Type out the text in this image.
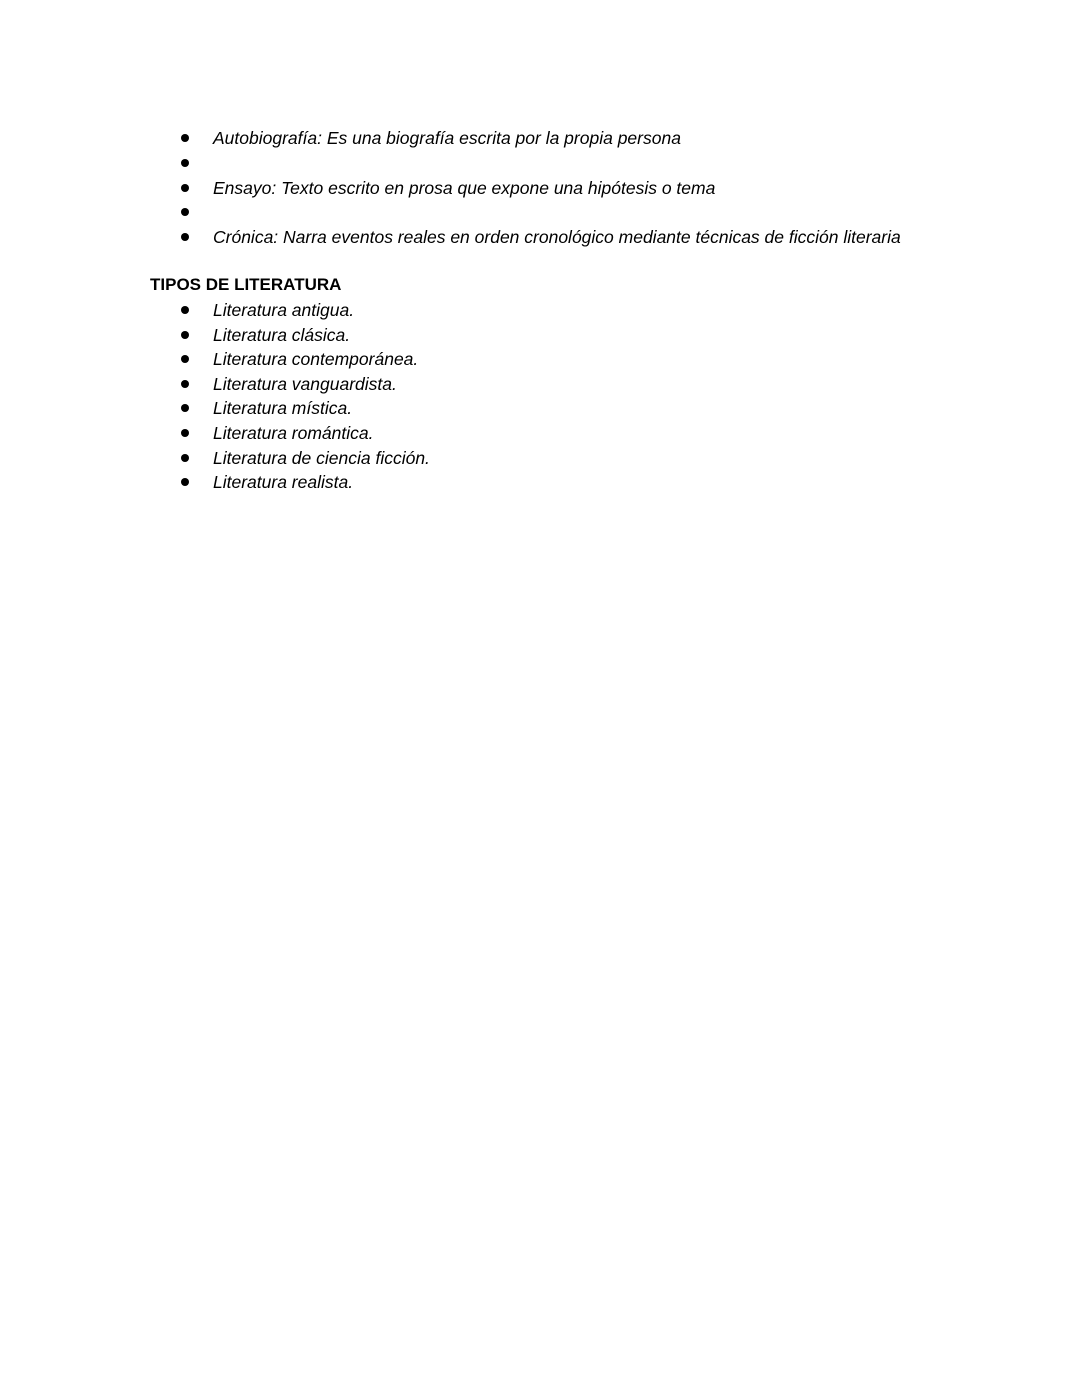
Autobiografía: Es una biografía escrita por la propia persona
Ensayo: Texto escrito en prosa que expone una hipótesis o tema
Crónica: Narra eventos reales en orden cronológico mediante técnicas de ficción literaria
TIPOS DE LITERATURA
Literatura antigua.
Literatura clásica.
Literatura contemporánea.
Literatura vanguardista.
Literatura mística.
Literatura romántica.
Literatura de ciencia ficción.
Literatura realista.
